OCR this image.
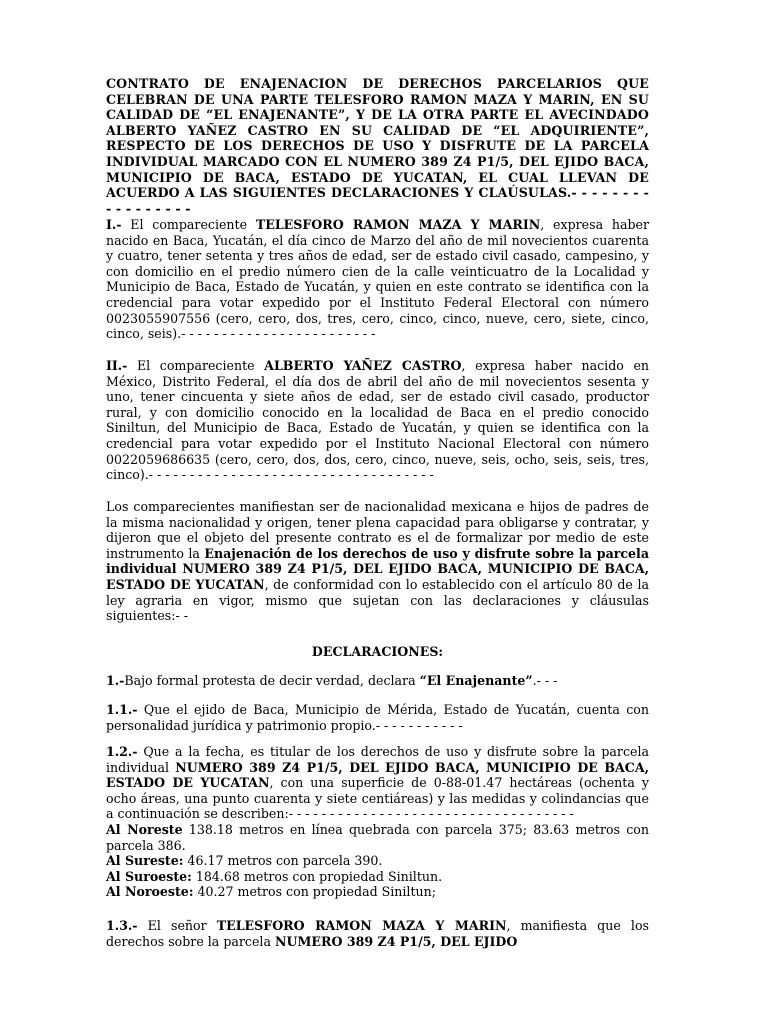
CONTRATO DE ENAJENACION DE DERECHOS PARCELARIOS QUE CELEBRAN DE UNA PARTE TELESFORO RAMON MAZA Y MARIN, EN SU CALIDAD DE “EL ENAJENANTE”, Y DE LA OTRA PARTE EL AVECINDADO ALBERTO YAÑEZ CASTRO EN SU CALIDAD DE “EL ADQUIRIENTE”, RESPECTO DE LOS DERECHOS DE USO Y DISFRUTE DE LA PARCELA INDIVIDUAL MARCADO CON EL NUMERO 389 Z4 P1/5, DEL EJIDO BACA, MUNICIPIO DE BACA, ESTADO DE YUCATAN, EL CUAL LLEVAN DE ACUERDO A LAS SIGUIENTES DECLARACIONES Y CLAÚSULAS.- - - - - - - - - - - - - - - - -

I.- El compareciente TELESFORO RAMON MAZA Y MARIN, expresa haber nacido en Baca, Yucatán, el día cinco de Marzo del año de mil novecientos cuarenta y cuatro, tener setenta y tres años de edad, ser de estado civil casado, campesino, y con domicilio en el predio número cien de la calle veinticuatro de la Localidad y Municipio de Baca, Estado de Yucatán, y quien en este contrato se identifica con la credencial para votar expedido por el Instituto Federal Electoral con número 0023055907556 (cero, cero, dos, tres, cero, cinco, cinco, nueve, cero, siete, cinco, cinco, seis).- - - - - - - - - - - - - - - - - - - - - - - -

II.- El compareciente ALBERTO YAÑEZ CASTRO, expresa haber nacido en México, Distrito Federal, el día dos de abril del año de mil novecientos sesenta y uno, tener cincuenta y siete años de edad, ser de estado civil casado, productor rural, y con domicilio conocido en la localidad de Baca en el predio conocido Siniltun, del Municipio de Baca, Estado de Yucatán, y quien se identifica con la credencial para votar expedido por el Instituto Nacional Electoral con número 0022059686635 (cero, cero, dos, dos, cero, cinco, nueve, seis, ocho, seis, seis, tres, cinco).- - - - - - - - - - - - - - - - - - - - - - - - - - - - - - - - - - -

Los comparecientes manifiestan ser de nacionalidad mexicana e hijos de padres de la misma nacionalidad y origen, tener plena capacidad para obligarse y contratar, y dijeron que el objeto del presente contrato es el de formalizar por medio de este instrumento la Enajenación de los derechos de uso y disfrute sobre la parcela individual NUMERO 389 Z4 P1/5, DEL EJIDO BACA, MUNICIPIO DE BACA, ESTADO DE YUCATAN, de conformidad con lo establecido con el artículo 80 de la ley agraria en vigor, mismo que sujetan con las declaraciones y cláusulas siguientes:- -

DECLARACIONES:

1.-Bajo formal protesta de decir verdad, declara “El Enajenante”.- - -

1.1.- Que el ejido de Baca, Municipio de Mérida, Estado de Yucatán, cuenta con personalidad jurídica y patrimonio propio.- - - - - - - - - - -

1.2.- Que a la fecha, es titular de los derechos de uso y disfrute sobre la parcela individual NUMERO 389 Z4 P1/5, DEL EJIDO BACA, MUNICIPIO DE BACA, ESTADO DE YUCATAN, con una superficie de 0-88-01.47 hectáreas (ochenta y ocho áreas, una punto cuarenta y siete centiáreas) y las medidas y colindancias que a continuación se describen:- - - - - - - - - - - - - - - - - - - - - - - - - - - - - - - - - - -

Al Noreste 138.18 metros en línea quebrada con parcela 375; 83.63 metros con parcela 386.

Al Sureste: 46.17 metros con parcela 390.

Al Suroeste: 184.68 metros con propiedad Siniltun.

Al Noroeste: 40.27 metros con propiedad Siniltun;

1.3.- El señor TELESFORO RAMON MAZA Y MARIN, manifiesta que los derechos sobre la parcela NUMERO 389 Z4 P1/5, DEL EJIDO
